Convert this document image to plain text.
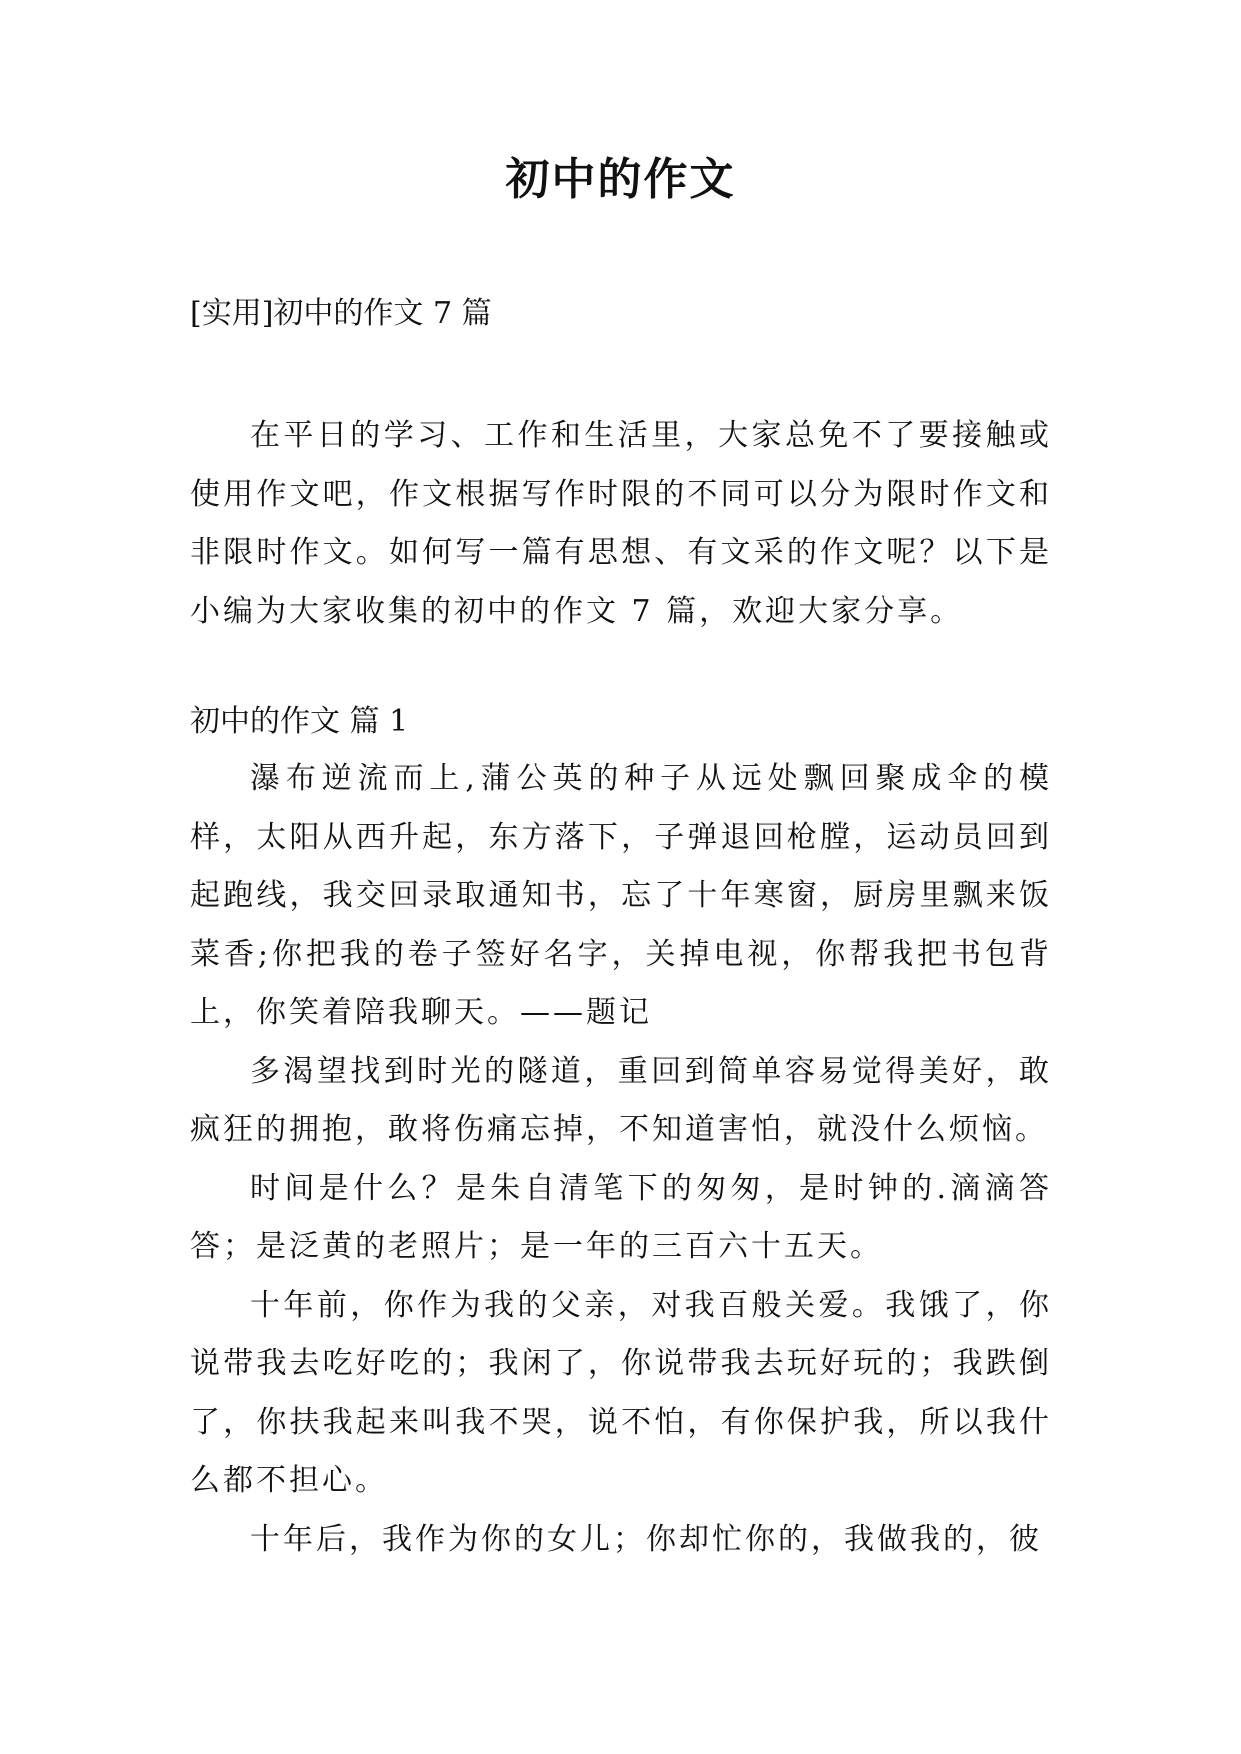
初中的作文

[实用]初中的作文 7 篇

在平日的学习、工作和生活里，大家总免不了要接触或使用作文吧，作文根据写作时限的不同可以分为限时作文和非限时作文。如何写一篇有思想、有文采的作文呢？以下是小编为大家收集的初中的作文 7 篇，欢迎大家分享。

初中的作文 篇 1

瀑布逆流而上,蒲公英的种子从远处飘回聚成伞的模样，太阳从西升起，东方落下，子弹退回枪膛，运动员回到起跑线，我交回录取通知书，忘了十年寒窗，厨房里飘来饭菜香;你把我的卷子签好名字，关掉电视，你帮我把书包背上，你笑着陪我聊天。——题记

多渴望找到时光的隧道，重回到简单容易觉得美好，敢疯狂的拥抱，敢将伤痛忘掉，不知道害怕，就没什么烦恼。

时间是什么？是朱自清笔下的匆匆，是时钟的.滴滴答答；是泛黄的老照片；是一年的三百六十五天。

十年前，你作为我的父亲，对我百般关爱。我饿了，你说带我去吃好吃的；我闲了，你说带我去玩好玩的；我跌倒了，你扶我起来叫我不哭，说不怕，有你保护我，所以我什么都不担心。

十年后，我作为你的女儿；你却忙你的，我做我的，彼
